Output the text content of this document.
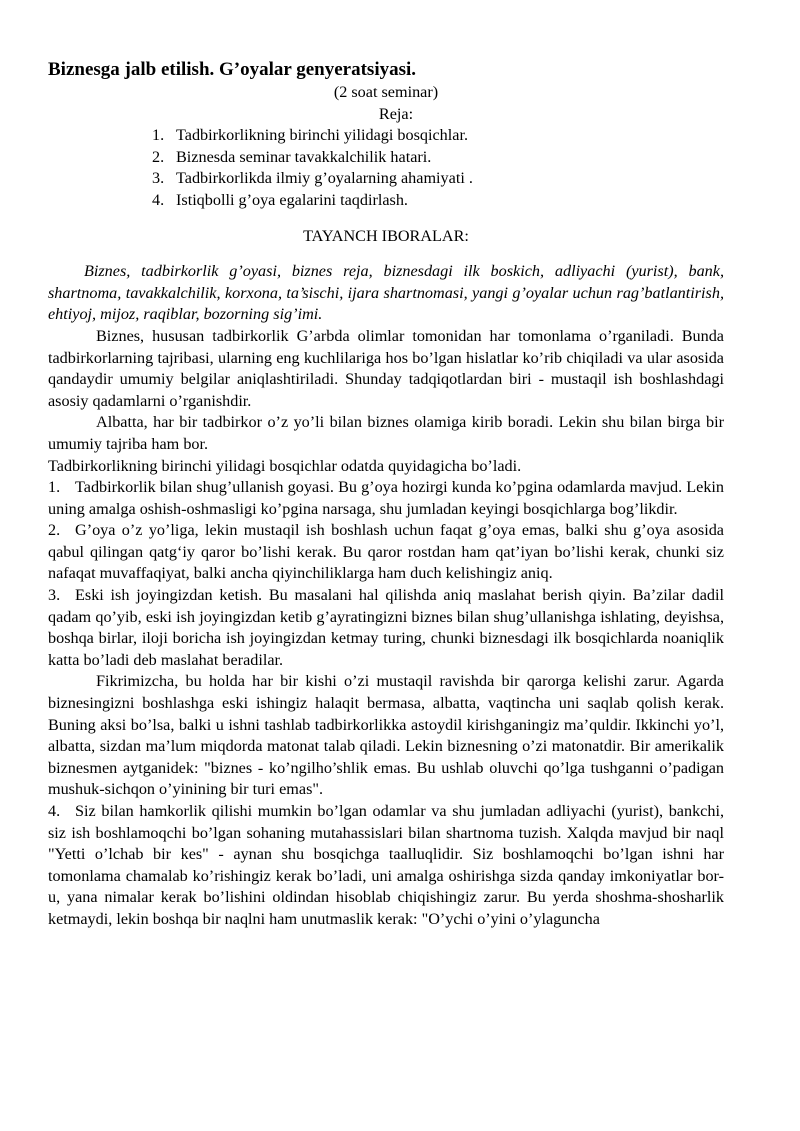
Biznesga jalb etilish. G’oyalar genyeratsiyasi.
(2 soat seminar)
Reja:
1. Tadbirkorlikning birinchi yilidagi bosqichlar.
2. Biznesda seminar tavakkalchilik hatari.
3. Tadbirkorlikda ilmiy g’oyalarning ahamiyati .
4. Istiqbolli g’oya egalarini taqdirlash.
TAYANCH IBORALAR:

Biznes, tadbirkorlik g’oyasi, biznes reja, biznesdagi ilk boskich, adliyachi (yurist), bank, shartnoma, tavakkalchilik, korxona, ta’sischi, ijara shartnomasi, yangi g’oyalar uchun rag’batlantirish, ehtiyoj, mijoz, raqiblar, bozorning sig’imi.

Biznes, hususan tadbirkorlik G’arbda olimlar tomonidan har tomonlama o’rganiladi. Bunda tadbirkorlarning tajribasi, ularning eng kuchlilariga hos bo’lgan hislatlar ko’rib chiqiladi va ular asosida qandaydir umumiy belgilar aniqlashtiriladi. Shunday tadqiqotlardan biri - mustaqil ish boshlashdagi asosiy qadamlarni o’rganishdir.

Albatta, har bir tadbirkor o’z yo’li bilan biznes olamiga kirib boradi. Lekin shu bilan birga bir umumiy tajriba ham bor.

Tadbirkorlikning birinchi yilidagi bosqichlar odatda quyidagicha bo’ladi.

1. Tadbirkorlik bilan shug’ullanish goyasi. Bu g’oya hozirgi kunda ko’pgina odamlarda mavjud. Lekin uning amalga oshish-oshmasligi ko’pgina narsaga, shu jumladan keyingi bosqichlarga bog’likdir.

2. G’oya o’z yo’liga, lekin mustaqil ish boshlash uchun faqat g’oya emas, balki shu g’oya asosida qabul qilingan qatg‘iy qaror bo’lishi kerak. Bu qaror rostdan ham qat’iyan bo’lishi kerak, chunki siz nafaqat muvaffaqiyat, balki ancha qiyinchiliklarga ham duch kelishingiz aniq.

3. Eski ish joyingizdan ketish. Bu masalani hal qilishda aniq maslahat berish qiyin. Ba’zilar dadil qadam qo’yib, eski ish joyingizdan ketib g’ayratingizni biznes bilan shug’ullanishga ishlating, deyishsa, boshqa birlar, iloji boricha ish joyingizdan ketmay turing, chunki biznesdagi ilk bosqichlarda noaniqlik katta bo’ladi deb maslahat beradilar.

Fikrimizcha, bu holda har bir kishi o’zi mustaqil ravishda bir qarorga kelishi zarur. Agarda biznesingizni boshlashga eski ishingiz halaqit bermasa, albatta, vaqtincha uni saqlab qolish kerak. Buning aksi bo’lsa, balki u ishni tashlab tadbirkorlikka astoydil kirishganingiz ma’quldir. Ikkinchi yo’l, albatta, sizdan ma’lum miqdorda matonat talab qiladi. Lekin biznesning o’zi matonatdir. Bir amerikalik biznesmen aytganidek: "biznes - ko’ngilho’shlik emas. Bu ushlab oluvchi qo’lga tushganni o’padigan mushuk-sichqon o’yinining bir turi emas".

4. Siz bilan hamkorlik qilishi mumkin bo’lgan odamlar va shu jumladan adliyachi (yurist), bankchi, siz ish boshlamoqchi bo’lgan sohaning mutahassislari bilan shartnoma tuzish. Xalqda mavjud bir naql "Yetti o’lchab bir kes" - aynan shu bosqichga taalluqlidir. Siz boshlamoqchi bo’lgan ishni har tomonlama chamalab ko’rishingiz kerak bo’ladi, uni amalga oshirishga sizda qanday imkoniyatlar bor-u, yana nimalar kerak bo’lishini oldindan hisoblab chiqishingiz zarur. Bu yerda shoshma-shosharlik ketmaydi, lekin boshqa bir naqlni ham unutmaslik kerak: "O’ychi o’yini o’ylaguncha
